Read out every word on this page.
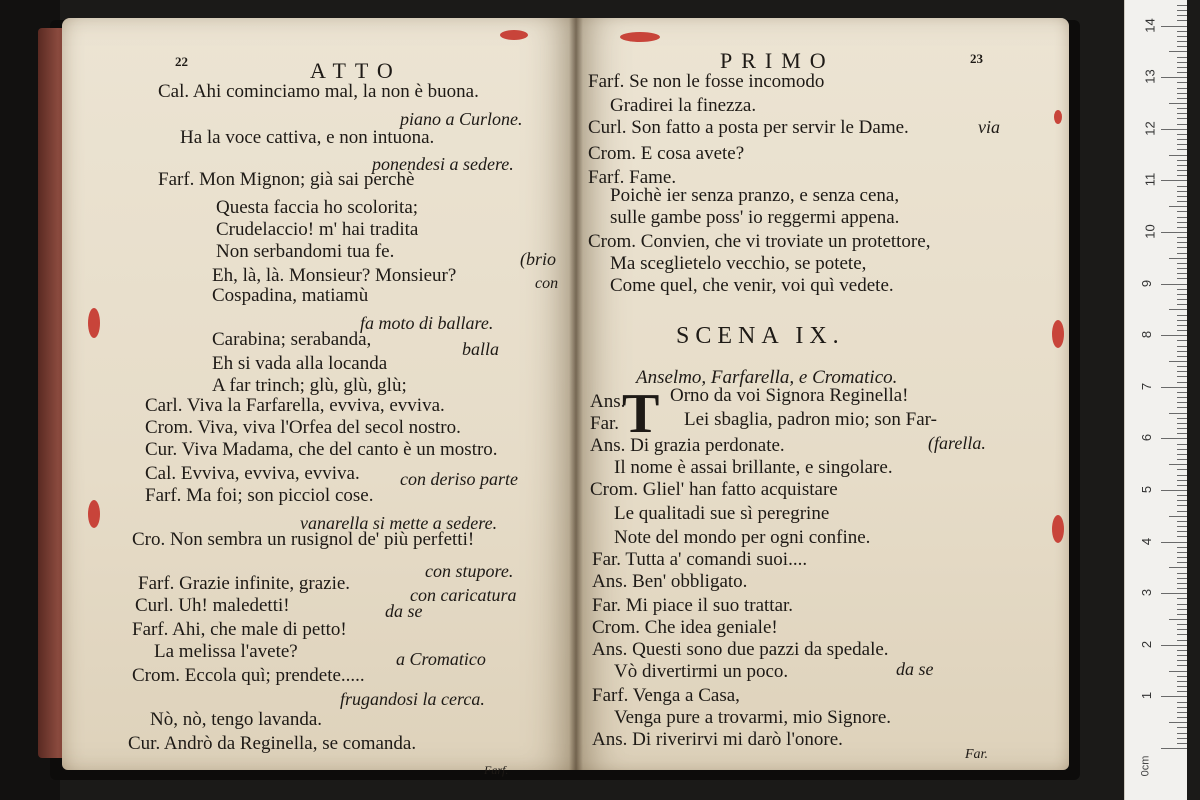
22	ATTO
Cal. Ahi cominciamo mal, la non è buona.
piano a Curlone.
Ha la voce cattiva, e non intuona.
ponendesi a sedere.
Farf. Mon Mignon; già sai perchè
Questa faccia ho scolorita;
Crudelaccio! m' hai tradita
Non serbandomi tua fe.	(brio
Eh, là, là. Monsieur? Monsieur?	con
Cospadina, matiamù
fa moto di ballare.
Carabina; serabanda,	balla
Eh si vada alla locanda
A far trinch; glù, glù, glù;
Carl. Viva la Farfarella, evviva, evviva.
Crom. Viva, viva l'Orfea del secol nostro.
Cur. Viva Madama, che del canto è un mostro.
Cal. Evviva, evviva, evviva. con deriso parte
Farf. Ma foi; son picciol cose.
vanarella si mette a sedere.
Cro. Non sembra un rusignol de' più perfetti!
con stupore.
Farf. Grazie infinite, grazie.
con caricatura
Curl. Uh! maledetti!	da se
Farf. Ahi, che male di petto!
La melissa l'avete?	a Cromatico
Crom. Eccola quì; prendete.....
frugandosi la cerca.
Nò, nò, tengo lavanda.
Cur. Andrò da Reginella, se comanda.
Farf.
PRIMO	23
Farf. Se non le fosse incomodo
Gradirei la finezza.
Curl. Son fatto a posta per servir le Dame.	via
Crom. E cosa avete?
Farf. Fame.
Poichè ier senza pranzo, e senza cena,
sulle gambe poss' io reggermi appena.
Crom. Convien, che vi troviate un protettore,
Ma sceglietelo vecchio, se potete,
Come quel, che venir, voi quì vedete.
SCENA IX.
Anselmo, Farfarella, e Cromatico.
Ans.
T Orno da voi Signora Reginella!
Far.	Lei sbaglia, padron mio; son Far-
Ans. Di grazia perdonate.	(farella.
Il nome è assai brillante, e singolare.
Crom. Gliel' han fatto acquistare
Le qualitadi sue sì peregrine
Note del mondo per ogni confine.
Far. Tutta a' comandi suoi....
Ans. Ben' obbligato.
Far. Mi piace il suo trattar.
Crom. Che idea geniale!
Ans. Questi sono due pazzi da spedale.
Vò divertirmi un poco.	da se
Farf. Venga a Casa,
Venga pure a trovarmi, mio Signore.
Ans. Di riverirvi mi darò l'onore.
Far.
0cm
1
2
3
4
5
6
7
8
9
10
11
12
13
14
